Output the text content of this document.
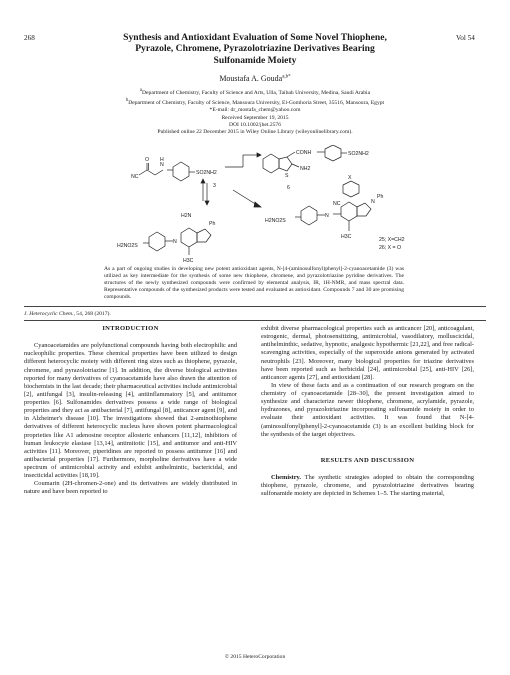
268	Vol 54
Synthesis and Antioxidant Evaluation of Some Novel Thiophene,
Pyrazole, Chromene, Pyrazolotriazine Derivatives Bearing
Sulfonamide Moiety
Moustafa A. Gouda$^{a,b*}$
$^a$Department of Chemistry, Faculty of Science and Arts, Ulla, Taibah University, Medina, Saudi Arabia
$^b$Department of Chemistry, Faculty of Science, Mansoura University, El-Gomhoria Street, 35516, Mansoura, Egypt
*E-mail: dr_mostafa_chem@yahoo.com
Received September 19, 2015
DOI 10.1002/jhet.2576
Published online 22 December 2015 in Wiley Online Library (wileyonlinelibrary.com).
NC
O
N
H
SO2NH2
3
S
CONH
NH2
SO2NH2
6
H2NO2S
N
NC	N
Ph
H3C
X
25; X=CH2
26; X = O
H2NO2S
N
H2N
Ph
H3C
As a part of ongoing studies in developing new potent antioxidant agents, N-[4-(aminosulfonyl)phenyl]-2-cyanoacetamide (3) was utilized as key intermediate for the synthesis of some new thiophene, chromene, and pyrazolotriazine pyridine derivatives. The structures of the newly synthesized compounds were confirmed by elemental analysis, IR, 1H-NMR, and mass spectral data. Representative compounds of the synthesized products were tested and evaluated as antioxidant. Compounds 7 and 30 are promising compounds.
J. Heterocyclic Chem., 54, 268 (2017).

INTRODUCTION

Cyanoacetamides are polyfunctional compounds having both electrophilic and nucleophilic properties. These chemical properties have been utilized to design different heterocyclic moiety with different ring sizes such as thiophene, pyrazole, chromene, and pyrazolotriazine [1]. In addition, the diverse biological activities reported for many derivatives of cyanoacetamide have also drawn the attention of biochemists in the last decade; their pharmaceutical activities include antimicrobial [2], antifungal [3], insulin-releasing [4], antiinflammatory [5], and antitumor properties [6]. Sulfonamides derivatives possess a wide range of biological properties and they act as antibacterial [7], antifungal [8], anticancer agent [9], and in Alzheimer's disease [10]. The investigations showed that 2-aminothiophene derivatives of different heterocyclic nucleus have shown potent pharmacological proprieties like A1 adenosine receptor allosteric enhancers [11,12], inhibitors of human leukocyte elastase [13,14], antimitotic [15], and antitumor and anti-HIV activities [11]. Moreover, piperidines are reported to possess antitumor [16] and antibacterial properties [17]. Furthermore, morpholine derivatives have a wide spectrum of antimicrobial activity and exhibit anthelmintic, bactericidal, and insecticidal activities [18,19].

Coumarin (2H-chromen-2-one) and its derivatives are widely distributed in nature and have been reported to

exhibit diverse pharmacological properties such as anticancer [20], anticoagulant, estrogenic, dermal, photosensitizing, antimicrobial, vasodilatory, molluscicidal, antihelminthic, sedative, hypnotic, analgesic hypothermic [21,22], and free radical-scavenging activities, especially of the superoxide anions generated by activated neutrophils [23]. Moreover, many biological properties for triazine derivatives have been reported such as herbicidal [24], antimicrobial [25], anti-HIV [26], anticancer agents [27], and antioxidant [28].

In view of these facts and as a continuation of our research program on the chemistry of cyanoacetamide [28–30], the present investigation aimed to synthesize and characterize newer thiophene, chromene, acrylamide, pyrazole, hydrazones, and pyrazolotriazine incorporating sulfonamide moiety in order to evaluate their antioxidant activities. It was found that N-[4-(aminosulfonyl)phenyl]-2-cyanoacetamide (3) is an excellent building block for the synthesis of the target objectives.

RESULTS AND DISCUSSION

Chemistry. The synthetic strategies adopted to obtain the corresponding thiophene, pyrazole, chromene, and pyrazolotriazine derivatives bearing sulfonamide moiety are depicted in Schemes 1–5. The starting material,

© 2015 HeteroCorporation
